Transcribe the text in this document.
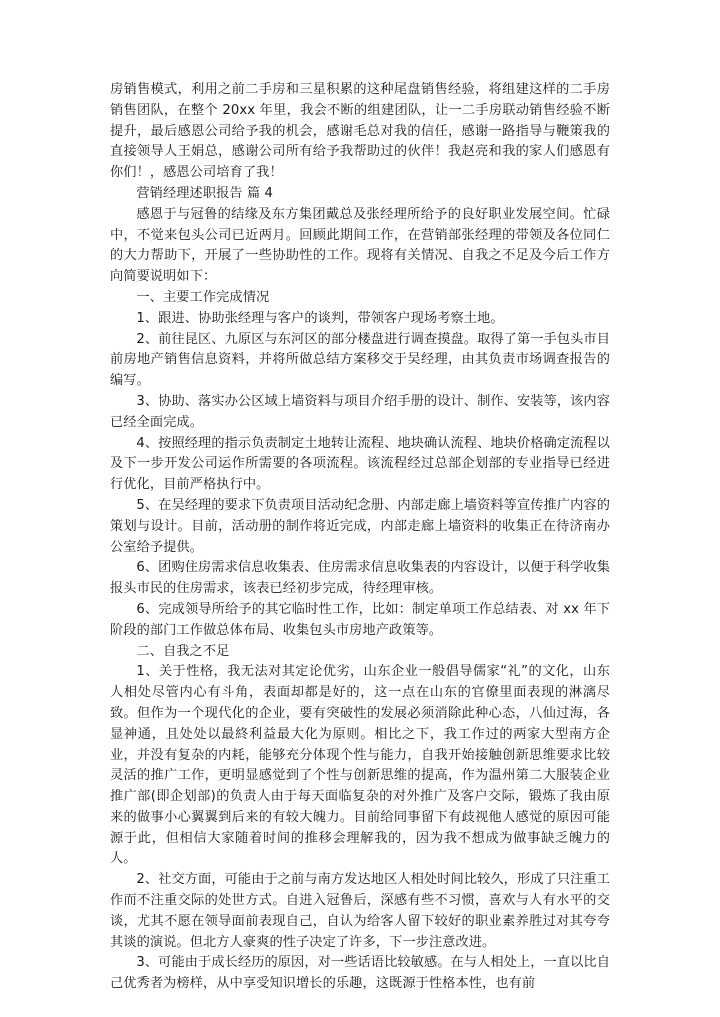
房销售模式，利用之前二手房和三星积累的这种尾盘销售经验，将组建这样的二手房销售团队，在整个 20xx 年里，我会不断的组建团队，让一二手房联动销售经验不断提升，最后感恩公司给予我的机会，感谢毛总对我的信任，感谢一路指导与鞭策我的直接领导人王娟总，感谢公司所有给予我帮助过的伙伴！我赵亮和我的家人们感恩有你们！，感恩公司培育了我！

营销经理述职报告 篇 4

感恩于与冠鲁的结缘及东方集团戴总及张经理所给予的良好职业发展空间。忙碌中，不觉来包头公司已近两月。回顾此期间工作，在营销部张经理的带领及各位同仁的大力帮助下，开展了一些协助性的工作。现将有关情况、自我之不足及今后工作方向简要说明如下：

一、主要工作完成情况

1、跟进、协助张经理与客户的谈判，带领客户现场考察土地。

2、前往昆区、九原区与东河区的部分楼盘进行调查摸盘。取得了第一手包头市目前房地产销售信息资料，并将所做总结方案移交于吴经理，由其负责市场调查报告的编写。

3、协助、落实办公区域上墙资料与项目介绍手册的设计、制作、安装等，该内容已经全面完成。

4、按照经理的指示负责制定土地转让流程、地块确认流程、地块价格确定流程以及下一步开发公司运作所需要的各项流程。该流程经过总部企划部的专业指导已经进行优化，目前严格执行中。

5、在吴经理的要求下负责项目活动纪念册、内部走廊上墙资料等宣传推广内容的策划与设计。目前，活动册的制作将近完成，内部走廊上墙资料的收集正在待济南办公室给予提供。

6、团购住房需求信息收集表、住房需求信息收集表的内容设计，以便于科学收集报头市民的住房需求，该表已经初步完成，待经理审核。

6、完成领导所给予的其它临时性工作，比如：制定单项工作总结表、对 xx 年下阶段的部门工作做总体布局、收集包头市房地产政策等。

二、自我之不足

1、关于性格，我无法对其定论优劣，山东企业一般倡导儒家“礼”的文化，山东人相处尽管内心有斗角，表面却都是好的，这一点在山东的官僚里面表现的淋漓尽致。但作为一个现代化的企业，要有突破性的发展必须消除此种心态，八仙过海，各显神通，且处处以最終利益最大化为原则。相比之下，我工作过的两家大型南方企业，并没有复杂的内耗，能够充分体现个性与能力，自我开始接触创新思维要求比较灵活的推广工作，更明显感觉到了个性与创新思维的提高，作为温州第二大服装企业推广部(即企划部)的负责人由于每天面临复杂的对外推广及客户交际，锻炼了我由原来的做事小心翼翼到后来的有较大魄力。目前给同事留下有歧视他人感觉的原因可能源于此，但相信大家随着时间的推移会理解我的，因为我不想成为做事缺乏魄力的人。

2、社交方面，可能由于之前与南方发达地区人相处时间比较久，形成了只注重工作而不注重交际的处世方式。自进入冠鲁后，深感有些不习惯，喜欢与人有水平的交谈，尤其不愿在领导面前表现自己，自认为给客人留下较好的职业素养胜过对其夸夸其谈的演说。但北方人豪爽的性子决定了许多，下一步注意改进。

3、可能由于成长经历的原因，对一些话语比较敏感。在与人相处上，一直以比自己优秀者为榜样，从中享受知识增长的乐趣，这既源于性格本性，也有前
